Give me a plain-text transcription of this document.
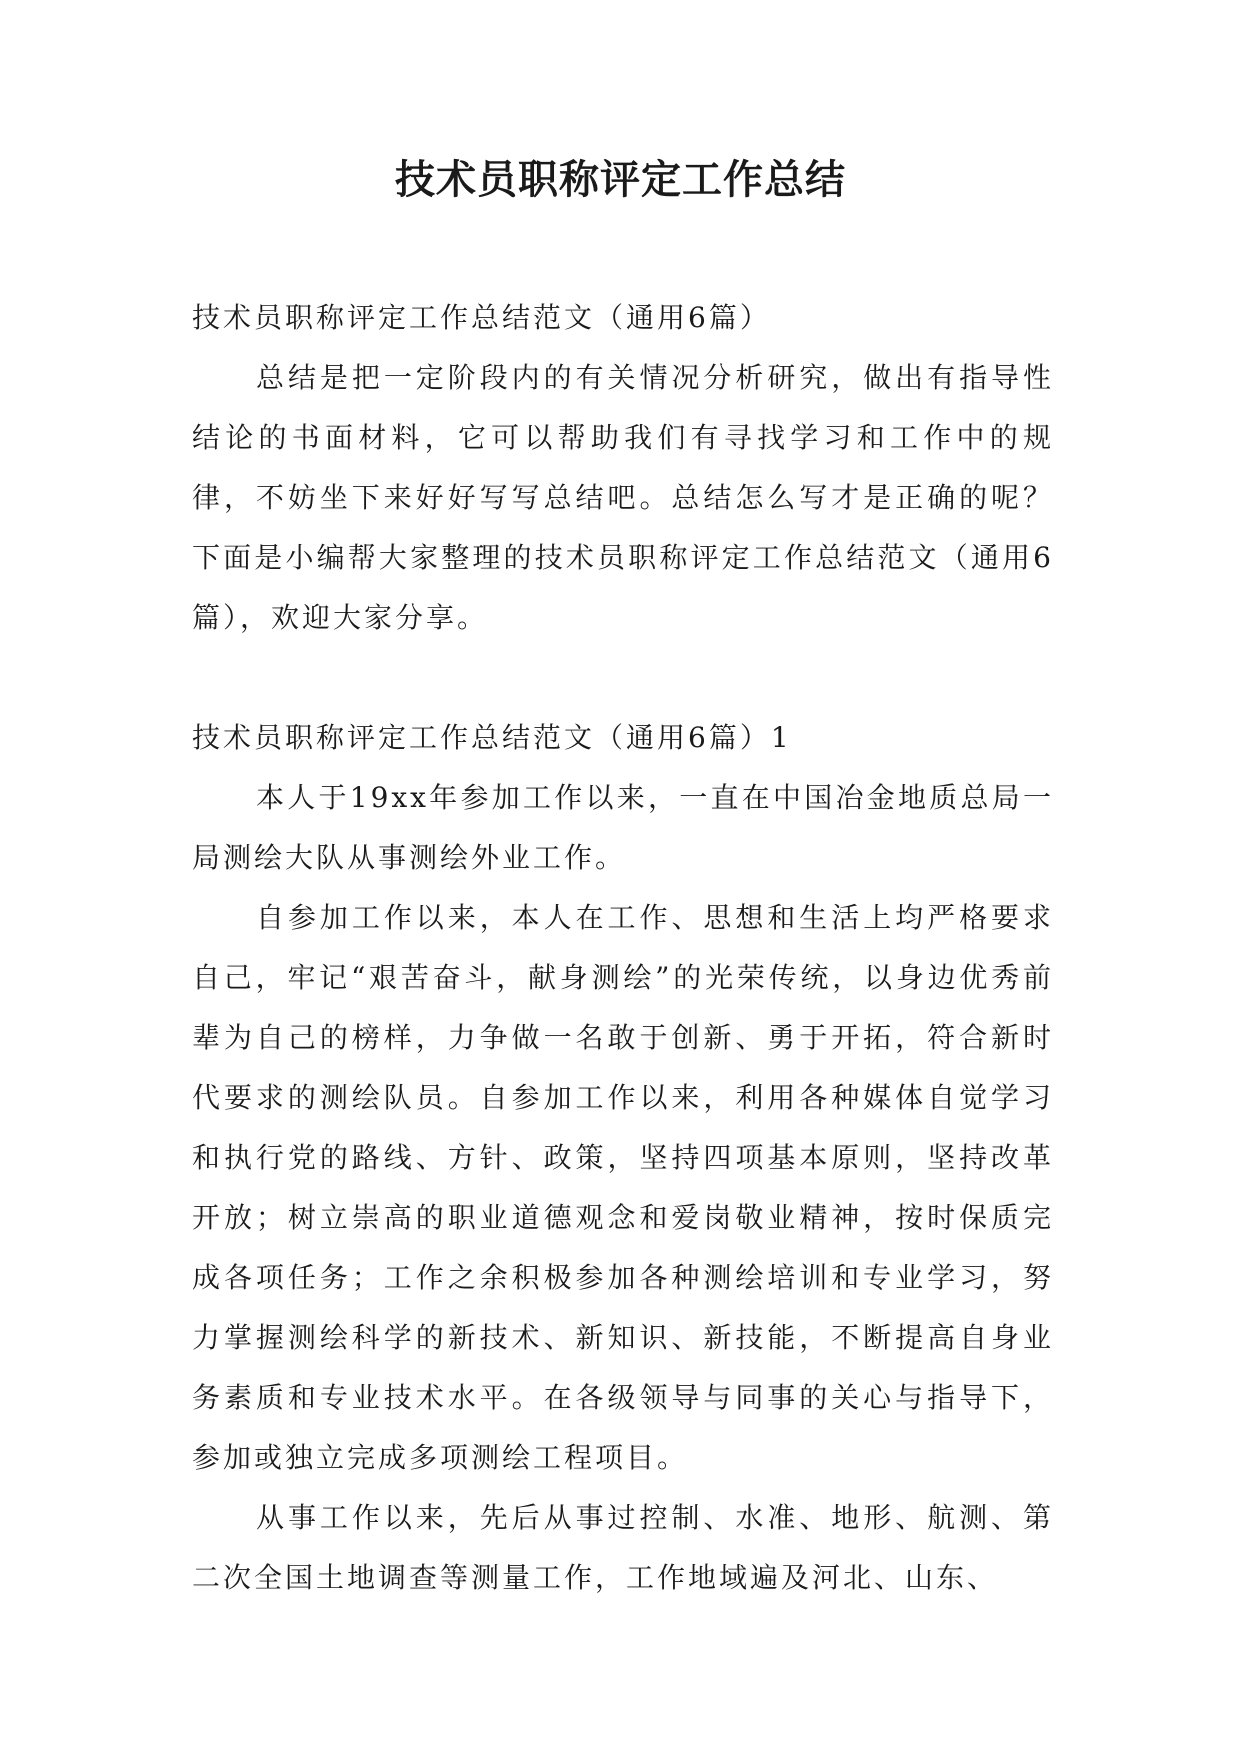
技术员职称评定工作总结

技术员职称评定工作总结范文（通用6篇）

总结是把一定阶段内的有关情况分析研究，做出有指导性结论的书面材料，它可以帮助我们有寻找学习和工作中的规律，不妨坐下来好好写写总结吧。总结怎么写才是正确的呢？下面是小编帮大家整理的技术员职称评定工作总结范文（通用6篇），欢迎大家分享。

技术员职称评定工作总结范文（通用6篇）1

本人于19xx年参加工作以来，一直在中国冶金地质总局一局测绘大队从事测绘外业工作。

自参加工作以来，本人在工作、思想和生活上均严格要求自己，牢记“艰苦奋斗，献身测绘”的光荣传统，以身边优秀前辈为自己的榜样，力争做一名敢于创新、勇于开拓，符合新时代要求的测绘队员。自参加工作以来，利用各种媒体自觉学习和执行党的路线、方针、政策，坚持四项基本原则，坚持改革开放；树立崇高的职业道德观念和爱岗敬业精神，按时保质完成各项任务；工作之余积极参加各种测绘培训和专业学习，努力掌握测绘科学的新技术、新知识、新技能，不断提高自身业务素质和专业技术水平。在各级领导与同事的关心与指导下，参加或独立完成多项测绘工程项目。

从事工作以来，先后从事过控制、水准、地形、航测、第二次全国土地调查等测量工作，工作地域遍及河北、山东、
